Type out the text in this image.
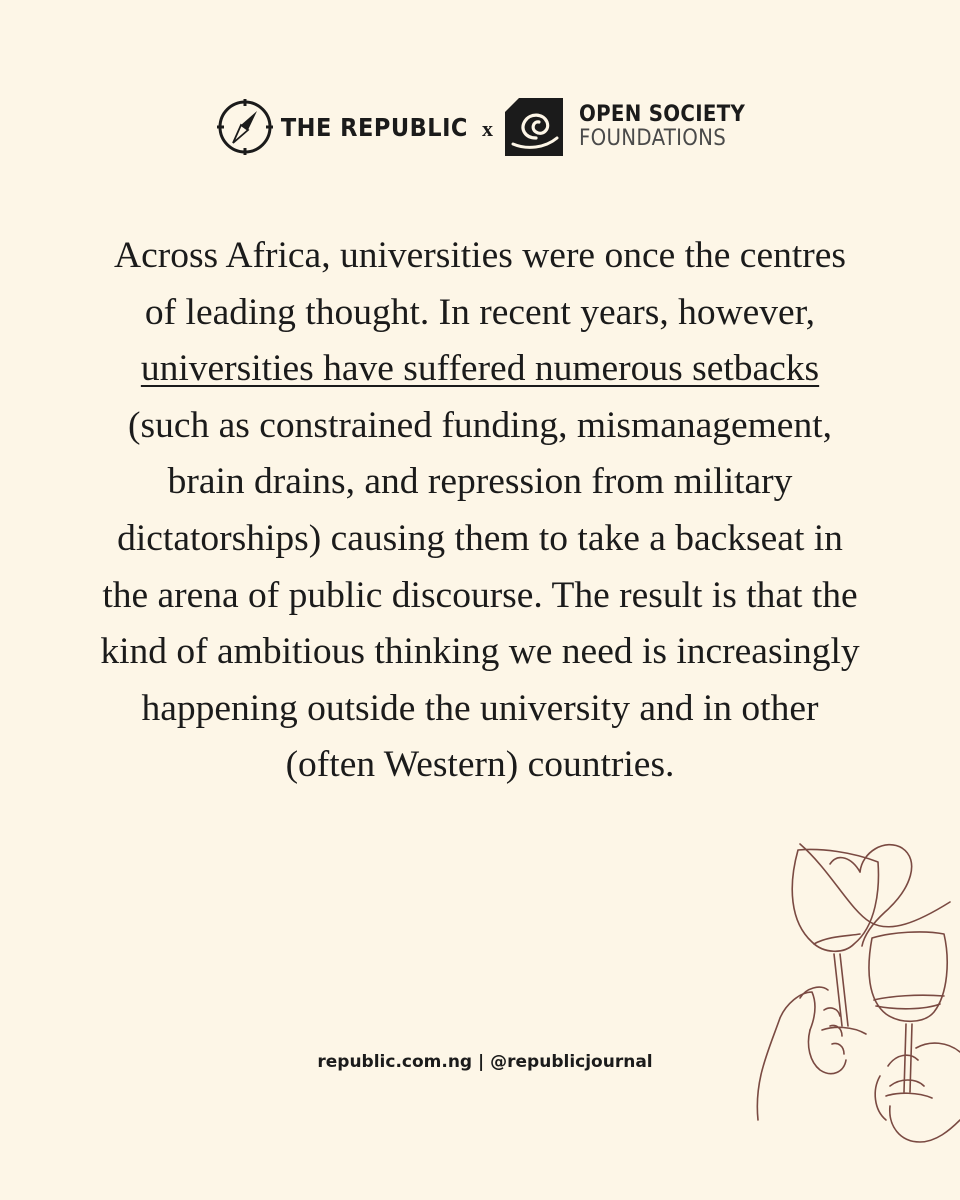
THE REPUBLIC x
OPEN SOCIETY
FOUNDATIONS

Across Africa, universities were once the centres of leading thought. In recent years, however, universities have suffered numerous setbacks (such as constrained funding, mismanagement, brain drains, and repression from military dictatorships) causing them to take a backseat in the arena of public discourse. The result is that the kind of ambitious thinking we need is increasingly happening outside the university and in other (often Western) countries.

republic.com.ng | @republicjournal
